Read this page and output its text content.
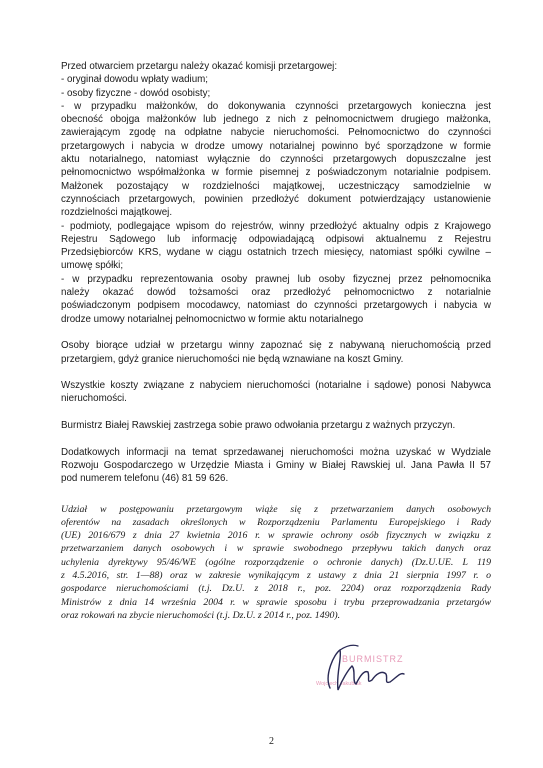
Przed otwarciem przetargu należy okazać komisji przetargowej:
- oryginał dowodu wpłaty wadium;
- osoby fizyczne - dowód osobisty;
- w przypadku małżonków, do dokonywania czynności przetargowych konieczna jest
obecność obojga małżonków lub jednego z nich z pełnomocnictwem drugiego małżonka,
zawierającym zgodę na odpłatne nabycie nieruchomości. Pełnomocnictwo do czynności
przetargowych i nabycia w drodze umowy notarialnej powinno być sporządzone w formie
aktu notarialnego, natomiast wyłącznie do czynności przetargowych dopuszczalne jest
pełnomocnictwo współmałżonka w formie pisemnej z poświadczonym notarialnie podpisem.
Małżonek pozostający w rozdzielności majątkowej, uczestniczący samodzielnie w
czynnościach przetargowych, powinien przedłożyć dokument potwierdzający ustanowienie
rozdzielności majątkowej.
- podmioty, podlegające wpisom do rejestrów, winny przedłożyć aktualny odpis z Krajowego
Rejestru Sądowego lub informację odpowiadającą odpisowi aktualnemu z Rejestru
Przedsiębiorców KRS, wydane w ciągu ostatnich trzech miesięcy, natomiast spółki cywilne –
umowę spółki;
- w przypadku reprezentowania osoby prawnej lub osoby fizycznej przez pełnomocnika
należy okazać dowód tożsamości oraz przedłożyć pełnomocnictwo z notarialnie
poświadczonym podpisem mocodawcy, natomiast do czynności przetargowych i nabycia w
drodze umowy notarialnej pełnomocnictwo w formie aktu notarialnego
Osoby biorące udział w przetargu winny zapoznać się z nabywaną nieruchomością przed
przetargiem, gdyż granice nieruchomości nie będą wznawiane na koszt Gminy.
Wszystkie koszty związane z nabyciem nieruchomości (notarialne i sądowe) ponosi Nabywca
nieruchomości.
Burmistrz Białej Rawskiej zastrzega sobie prawo odwołania przetargu z ważnych przyczyn.
Dodatkowych informacji na temat sprzedawanej nieruchomości można uzyskać w Wydziale
Rozwoju Gospodarczego w Urzędzie Miasta i Gminy w Białej Rawskiej ul. Jana Pawła II 57
pod numerem telefonu (46) 81 59 626.
Udział w postępowaniu przetargowym wiąże się z przetwarzaniem danych osobowych
oferentów na zasadach określonych w Rozporządzeniu Parlamentu Europejskiego i Rady
(UE) 2016/679 z dnia 27 kwietnia 2016 r. w sprawie ochrony osób fizycznych w związku z
przetwarzaniem danych osobowych i w sprawie swobodnego przepływu takich danych oraz
uchylenia dyrektywy 95/46/WE (ogólne rozporządzenie o ochronie danych) (Dz.U.UE. L 119
z 4.5.2016, str. 1—88) oraz w zakresie wynikającym z ustawy z dnia 21 sierpnia 1997 r. o
gospodarce nieruchomościami (t.j. Dz.U. z 2018 r., poz. 2204) oraz rozporządzenia Rady
Ministrów z dnia 14 września 2004 r. w sprawie sposobu i trybu przeprowadzania przetargów
oraz rokowań na zbycie nieruchomości (t.j. Dz.U. z 2014 r., poz. 1490).
BURMISTRZ
Wojciech Jakubiak
2
